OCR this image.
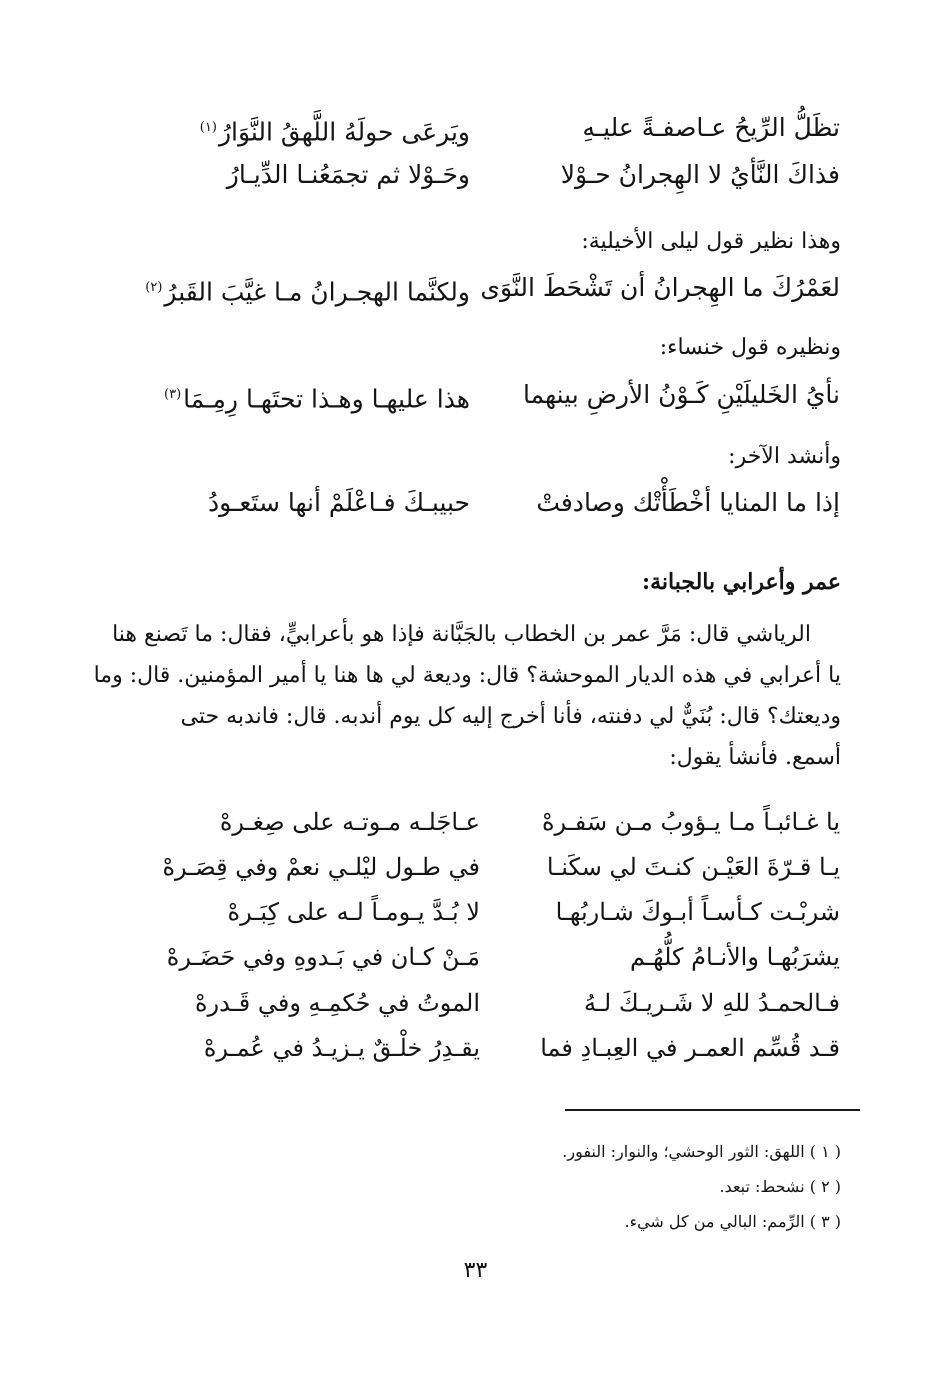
تظَلُّ الرِّيحُ عـاصفـةً عليـهِ
ويَرعَى حولَهُ اللَّهقُ النَّوَارُ$^{(١)}$
فذاكَ النَّأيُ لا الهِجرانُ حـوْلا
وحَـوْلا ثم تجمَعُنـا الدِّيـارُ
وهذا نظير قول ليلى الأخيلية:
لعَمْرُكَ ما الهِجرانُ أن تَشْحَطَ النَّوَى
ولكنَّما الهجـرانُ مـا غيَّبَ القَبرُ$^{(٢)}$
ونظيره قول خنساء:
نأيُ الخَليلَيْنِ كَـوْنُ الأرضِ بينهما
هذا عليهـا وهـذا تحتَهـا رِمِـمَا$^{(٣)}$
وأنشد الآخر:
إذا ما المنايا أخْطَأْتْك وصادفتْ
حبيبـكَ فـاعْلَمْ أنها ستَعـودُ
عمر وأعرابي بالجبانة:

الرياشي قال: مَرَّ عمر بن الخطاب بالجَبَّانة فإذا هو بأعرابيٍّ، فقال: ما تَصنع هنا
يا أعرابي في هذه الديار الموحشة؟ قال: وديعة لي ها هنا يا أمير المؤمنين. قال: وما
وديعتك؟ قال: بُنَيٌّ لي دفنته، فأنا أخرج إليه كل يوم أندبه. قال: فاندبه حتى
أسمع. فأنشأ يقول:

يا غـائبـاً مـا يـؤوبُ مـن سَفـرهْ
عـاجَلـه مـوتـه على صِغـرهْ
يـا قـرّةَ العَيْـن كنـتَ لي سكَنـا
في طـول ليْلـي نعمْ وفي قِصَـرهْ
شربْـت كـأسـاً أبـوكَ شـاربُهـا
لا بُـدَّ يـومـاً لـه على كِبَـرهْ
يشرَبُهـا والأنـامُ كلُّهُـم
مَـنْ كـان في بَـدوهِ وفي حَضَـرهْ
فـالحمـدُ للهِ لا شَـريـكَ لـهُ
الموتُ في حُكمِـهِ وفي قَـدرهْ
قـد قُسِّم العمـر في العِبـادِ فما
يقـدِرُ خلْـقٌ يـزيـدُ في عُمـرهْ
( ١ ) اللهق: الثور الوحشي؛ والنوار: النفور.
( ٢ ) نشحط: تبعد.
( ٣ ) الرِّمم: البالي من كل شيء.
٣٣
